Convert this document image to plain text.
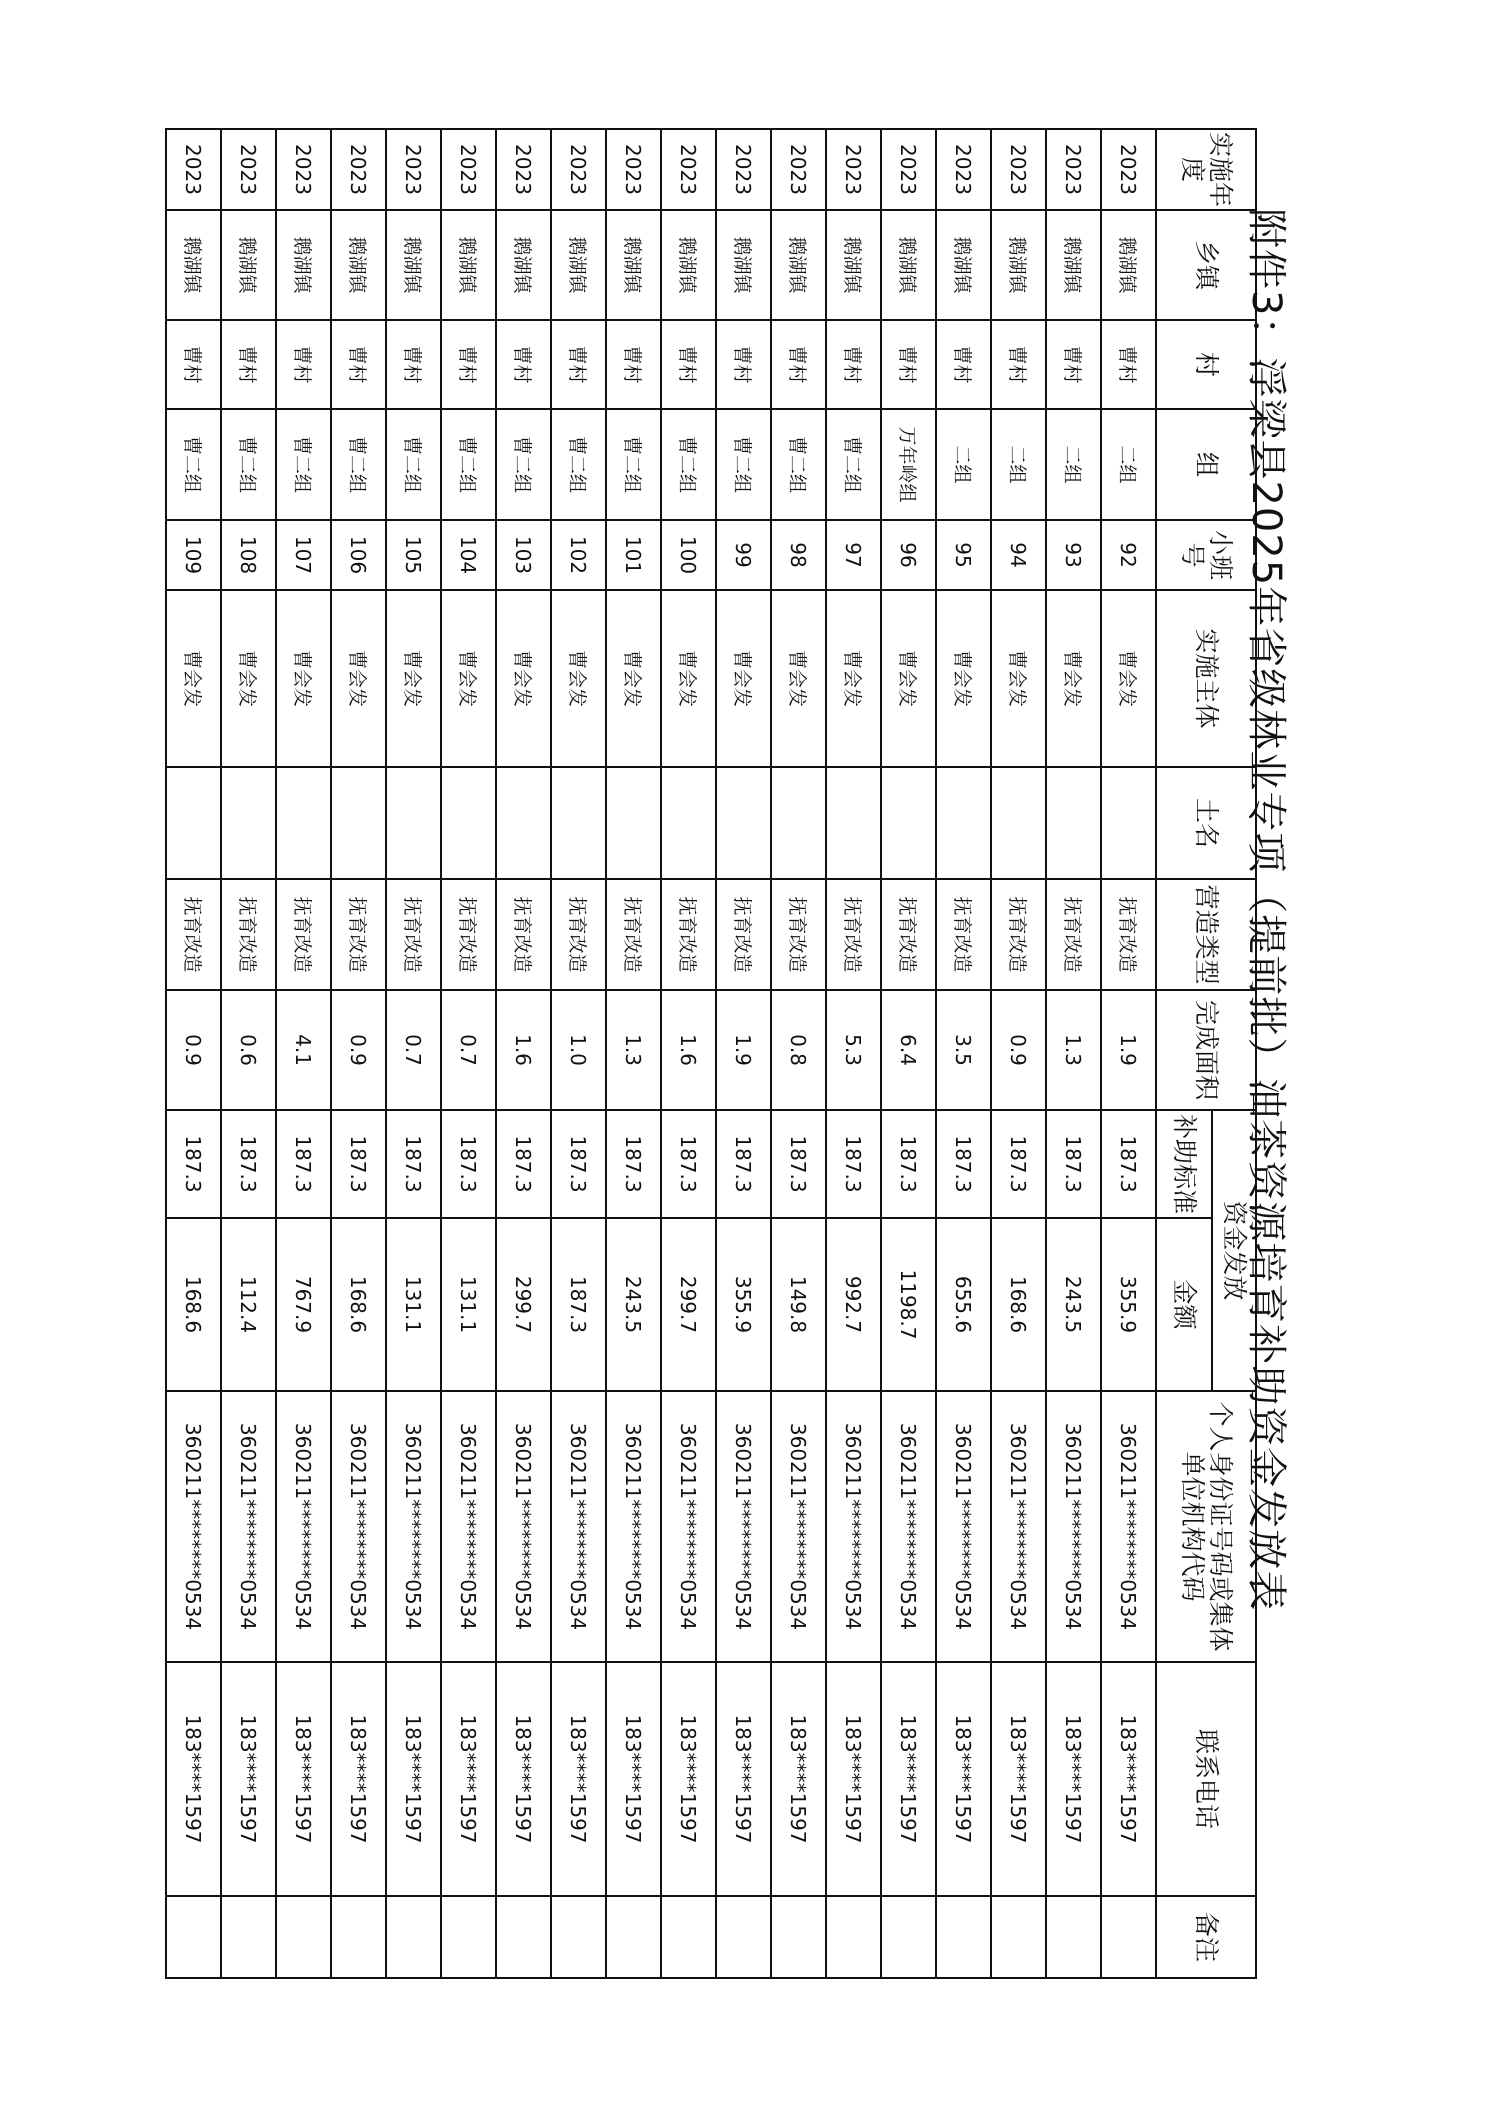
附件3：浮梁县2025年省级林业专项（提前批）油茶资源培育补助资金发放表
实施年度	乡镇	村	组	小班号	实施主体	土名	营造类型	完成面积	资金发放		个人身份证号码或集体单位机构代码	联系电话	备注
									补助标准	金额			
2023	鹅湖镇	曹村	二组	92	曹会发		抚育改造	1.9	187.3	355.9	360211********0534	183****1597	
2023	鹅湖镇	曹村	二组	93	曹会发		抚育改造	1.3	187.3	243.5	360211********0534	183****1597	
2023	鹅湖镇	曹村	二组	94	曹会发		抚育改造	0.9	187.3	168.6	360211********0534	183****1597	
2023	鹅湖镇	曹村	二组	95	曹会发		抚育改造	3.5	187.3	655.6	360211********0534	183****1597	
2023	鹅湖镇	曹村	万年岭组	96	曹会发		抚育改造	6.4	187.3	1198.7	360211********0534	183****1597	
2023	鹅湖镇	曹村	曹二组	97	曹会发		抚育改造	5.3	187.3	992.7	360211********0534	183****1597	
2023	鹅湖镇	曹村	曹二组	98	曹会发		抚育改造	0.8	187.3	149.8	360211********0534	183****1597	
2023	鹅湖镇	曹村	曹二组	99	曹会发		抚育改造	1.9	187.3	355.9	360211********0534	183****1597	
2023	鹅湖镇	曹村	曹二组	100	曹会发		抚育改造	1.6	187.3	299.7	360211********0534	183****1597	
2023	鹅湖镇	曹村	曹二组	101	曹会发		抚育改造	1.3	187.3	243.5	360211********0534	183****1597	
2023	鹅湖镇	曹村	曹二组	102	曹会发		抚育改造	1.0	187.3	187.3	360211********0534	183****1597	
2023	鹅湖镇	曹村	曹二组	103	曹会发		抚育改造	1.6	187.3	299.7	360211********0534	183****1597	
2023	鹅湖镇	曹村	曹二组	104	曹会发		抚育改造	0.7	187.3	131.1	360211********0534	183****1597	
2023	鹅湖镇	曹村	曹二组	105	曹会发		抚育改造	0.7	187.3	131.1	360211********0534	183****1597	
2023	鹅湖镇	曹村	曹二组	106	曹会发		抚育改造	0.9	187.3	168.6	360211********0534	183****1597	
2023	鹅湖镇	曹村	曹二组	107	曹会发		抚育改造	4.1	187.3	767.9	360211********0534	183****1597	
2023	鹅湖镇	曹村	曹二组	108	曹会发		抚育改造	0.6	187.3	112.4	360211********0534	183****1597	
2023	鹅湖镇	曹村	曹二组	109	曹会发		抚育改造	0.9	187.3	168.6	360211********0534	183****1597	
